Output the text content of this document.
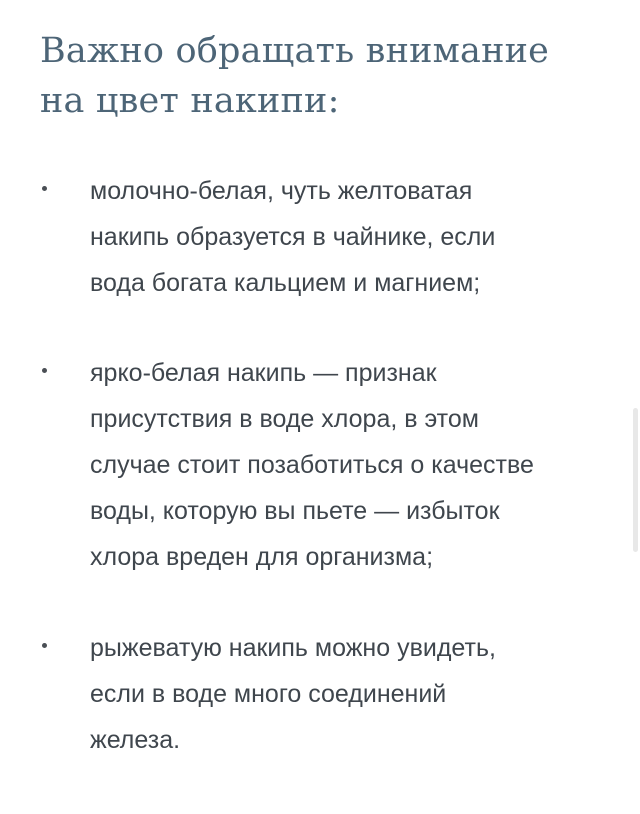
Важно обращать внимание
на цвет накипи:

молочно-белая, чуть желтоватая
накипь образуется в чайнике, если
вода богата кальцием и магнием;

ярко-белая накипь — признак
присутствия в воде хлора, в этом
случае стоит позаботиться о качестве
воды, которую вы пьете — избыток
хлора вреден для организма;

рыжеватую накипь можно увидеть,
если в воде много соединений
железа.
